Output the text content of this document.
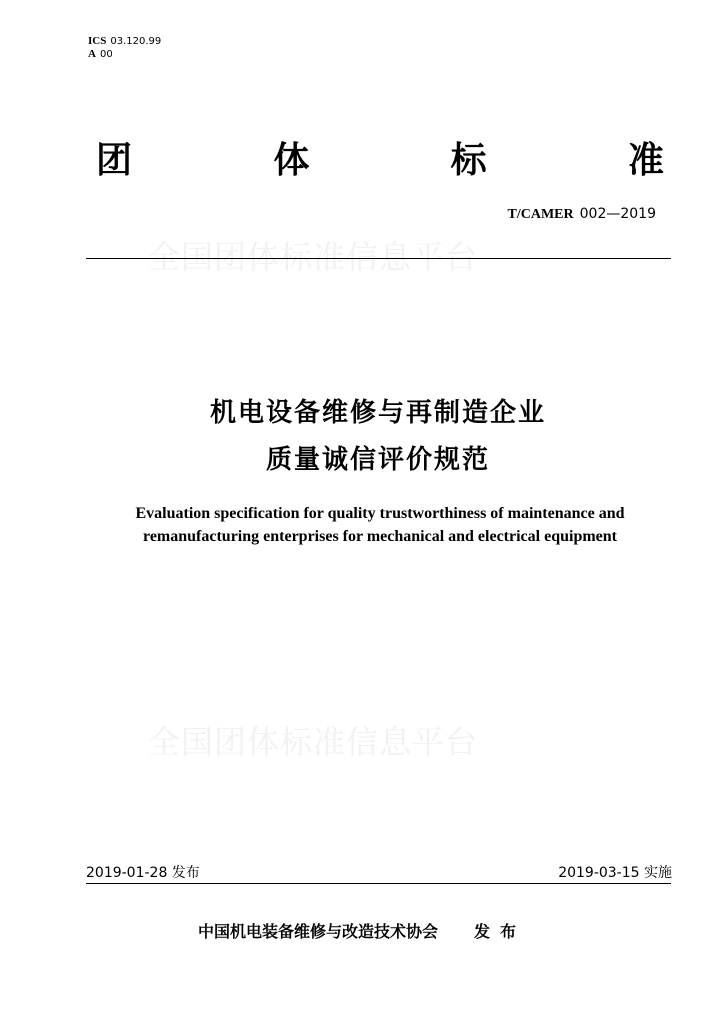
ICS 03.120.99
A 00
团	体	标	准
T/CAMER 002—2019
全国团体标准信息平台
机电设备维修与再制造企业
质量诚信评价规范
Evaluation specification for quality trustworthiness of maintenance and
remanufacturing enterprises for mechanical and electrical equipment
全国团体标准信息平台
2019-01-28 发布	2019-03-15 实施
中国机电装备维修与改造技术协会 发布
